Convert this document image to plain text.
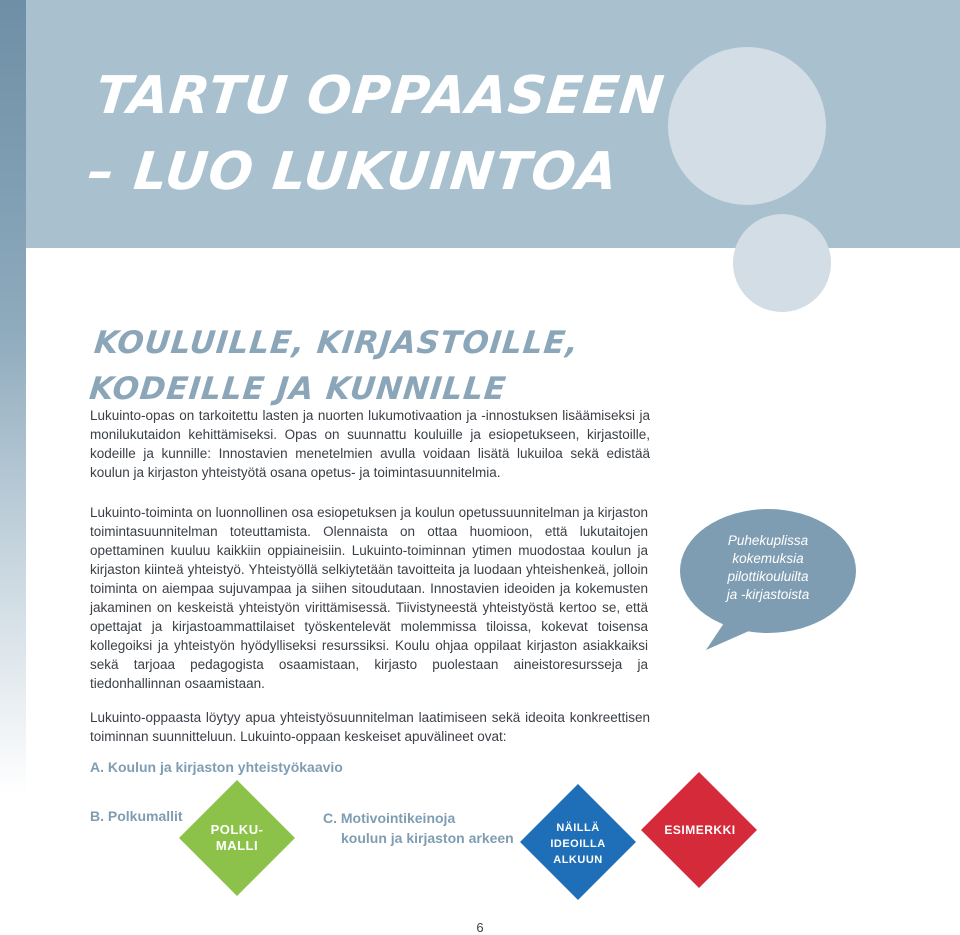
TARTU OPPAASEEN
– LUO LUKUINTOA
KOULUILLE, KIRJASTOILLE,
KODEILLE JA KUNNILLE

Lukuinto-opas on tarkoitettu lasten ja nuorten lukumotivaation ja -innostuksen lisäämiseksi ja monilukutaidon kehittämiseksi. Opas on suunnattu kouluille ja esiopetukseen, kirjastoille, kodeille ja kunnille: Innostavien menetelmien avulla voidaan lisätä lukuiloa sekä edistää koulun ja kirjaston yhteistyötä osana opetus- ja toimintasuunnitelmia.

Lukuinto-toiminta on luonnollinen osa esiopetuksen ja koulun opetussuunnitelman ja kirjaston toimintasuunnitelman toteuttamista. Olennaista on ottaa huomioon, että lukutaitojen opettaminen kuuluu kaikkiin oppiaineisiin. Lukuinto-toiminnan ytimen muodostaa koulun ja kirjaston kiinteä yhteistyö. Yhteistyöllä selkiytetään tavoitteita ja luodaan yhteishenkeä, jolloin toiminta on aiempaa sujuvampaa ja siihen sitoudutaan. Innostavien ideoiden ja kokemusten jakaminen on keskeistä yhteistyön virittämisessä. Tiivistyneestä yhteistyöstä kertoo se, että opettajat ja kirjastoammattilaiset työskentelevät molemmissa tiloissa, kokevat toisensa kollegoiksi ja yhteistyön hyödylliseksi resurssiksi. Koulu ohjaa oppilaat kirjaston asiakkaiksi sekä tarjoaa pedagogista osaamistaan, kirjasto puolestaan aineistoresursseja ja tiedonhallinnan osaamistaan.

Lukuinto-oppaasta löytyy apua yhteistyösuunnitelman laatimiseen sekä ideoita konkreettisen toiminnan suunnitteluun. Lukuinto-oppaan keskeiset apuvälineet ovat:

A. Koulun ja kirjaston yhteistyökaavio
B. Polkumallit	C. Motivointikeinoja
koulun ja kirjaston arkeen
POLKU-
MALLI
NÄILLÄ
IDEOILLA
ALKUUN
ESIMERKKI
Puhekuplissa
kokemuksia
pilottikouluilta
ja -kirjastoista
6
